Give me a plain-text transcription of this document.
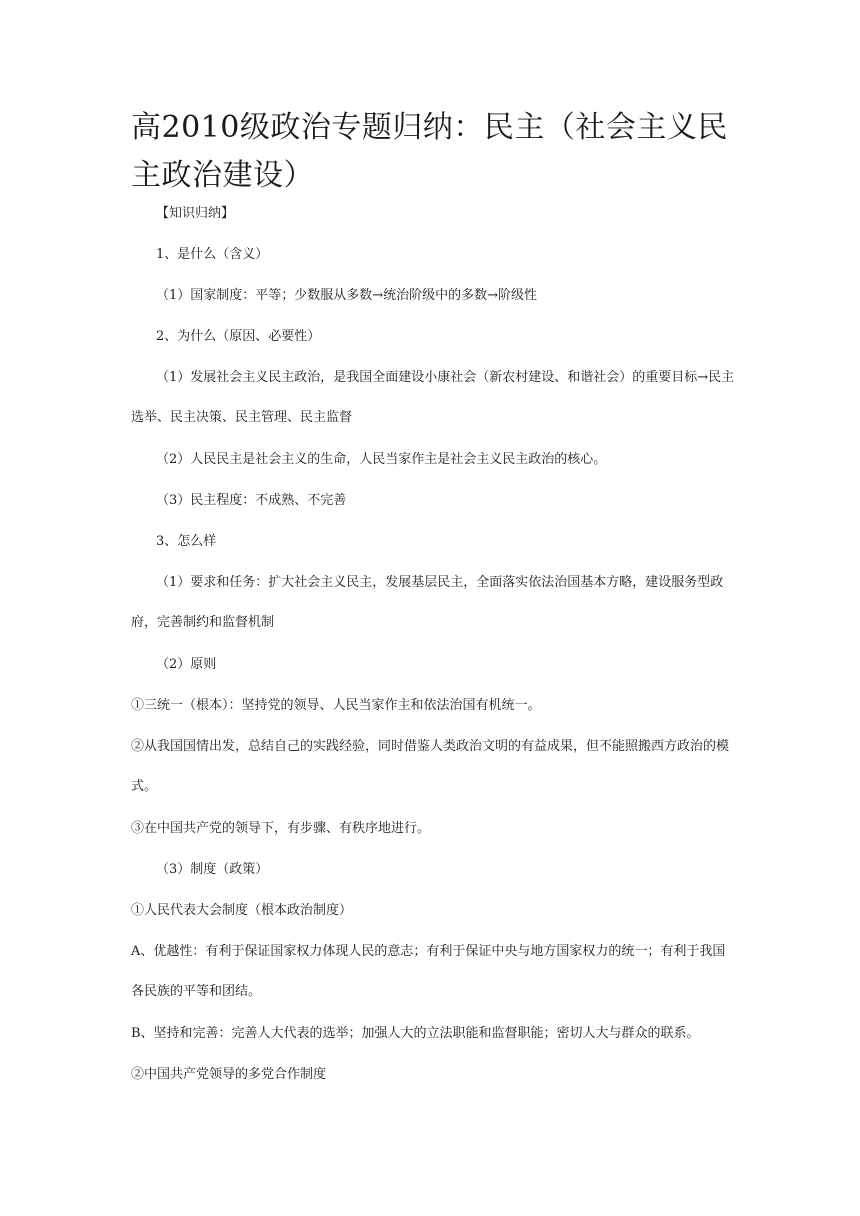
高2010级政治专题归纳：民主（社会主义民主政治建设）

【知识归纳】

1、是什么（含义）

（1）国家制度：平等；少数服从多数→统治阶级中的多数→阶级性

2、为什么（原因、必要性）

（1）发展社会主义民主政治，是我国全面建设小康社会（新农村建设、和谐社会）的重要目标→民主选举、民主决策、民主管理、民主监督

（2）人民民主是社会主义的生命，人民当家作主是社会主义民主政治的核心。

（3）民主程度：不成熟、不完善

3、怎么样

（1）要求和任务：扩大社会主义民主，发展基层民主，全面落实依法治国基本方略，建设服务型政府，完善制约和监督机制

（2）原则

①三统一（根本）：坚持党的领导、人民当家作主和依法治国有机统一。

②从我国国情出发，总结自己的实践经验，同时借鉴人类政治文明的有益成果，但不能照搬西方政治的模式。

③在中国共产党的领导下，有步骤、有秩序地进行。

（3）制度（政策）

①人民代表大会制度（根本政治制度）

A、优越性：有利于保证国家权力体现人民的意志；有利于保证中央与地方国家权力的统一；有利于我国各民族的平等和团结。

B、坚持和完善：完善人大代表的选举；加强人大的立法职能和监督职能；密切人大与群众的联系。

②中国共产党领导的多党合作制度
